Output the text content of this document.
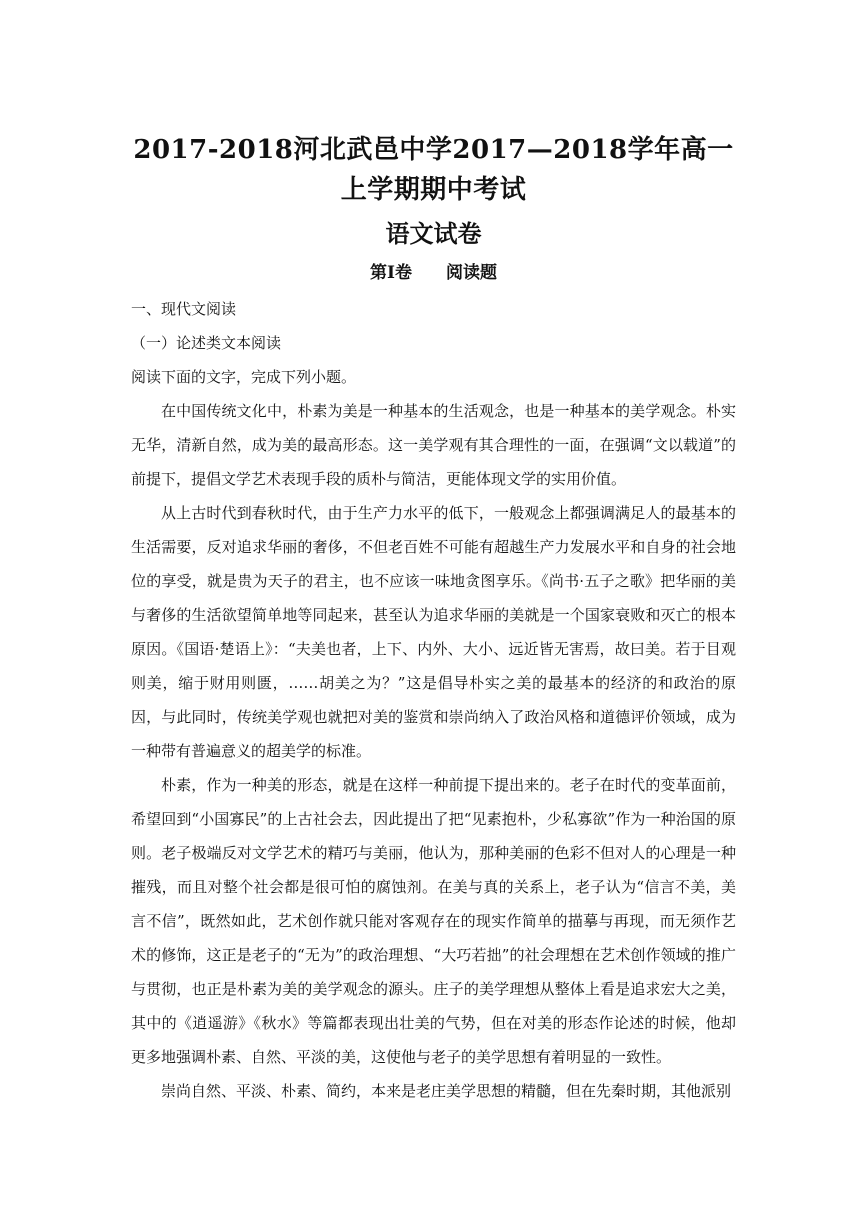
2017-2018河北武邑中学2017—2018学年高一上学期期中考试
语文试卷
第Ⅰ卷　　阅读题

一、现代文阅读

（一）论述类文本阅读

阅读下面的文字，完成下列小题。

在中国传统文化中，朴素为美是一种基本的生活观念，也是一种基本的美学观念。朴实无华，清新自然，成为美的最高形态。这一美学观有其合理性的一面，在强调“文以载道”的前提下，提倡文学艺术表现手段的质朴与简洁，更能体现文学的实用价值。

从上古时代到春秋时代，由于生产力水平的低下，一般观念上都强调满足人的最基本的生活需要，反对追求华丽的奢侈，不但老百姓不可能有超越生产力发展水平和自身的社会地位的享受，就是贵为天子的君主，也不应该一味地贪图享乐。《尚书·五子之歌》把华丽的美与奢侈的生活欲望简单地等同起来，甚至认为追求华丽的美就是一个国家衰败和灭亡的根本原因。《国语·楚语上》：“夫美也者，上下、内外、大小、远近皆无害焉，故曰美。若于目观则美，缩于财用则匮，……胡美之为？”这是倡导朴实之美的最基本的经济的和政治的原因，与此同时，传统美学观也就把对美的鉴赏和崇尚纳入了政治风格和道德评价领域，成为一种带有普遍意义的超美学的标准。

朴素，作为一种美的形态，就是在这样一种前提下提出来的。老子在时代的变革面前，希望回到“小国寡民”的上古社会去，因此提出了把“见素抱朴，少私寡欲”作为一种治国的原则。老子极端反对文学艺术的精巧与美丽，他认为，那种美丽的色彩不但对人的心理是一种摧残，而且对整个社会都是很可怕的腐蚀剂。在美与真的关系上，老子认为“信言不美，美言不信”，既然如此，艺术创作就只能对客观存在的现实作简单的描摹与再现，而无须作艺术的修饰，这正是老子的“无为”的政治理想、“大巧若拙”的社会理想在艺术创作领域的推广与贯彻，也正是朴素为美的美学观念的源头。庄子的美学理想从整体上看是追求宏大之美，其中的《逍遥游》《秋水》等篇都表现出壮美的气势，但在对美的形态作论述的时候，他却更多地强调朴素、自然、平淡的美，这使他与老子的美学思想有着明显的一致性。

崇尚自然、平淡、朴素、简约，本来是老庄美学思想的精髓，但在先秦时期，其他派别
